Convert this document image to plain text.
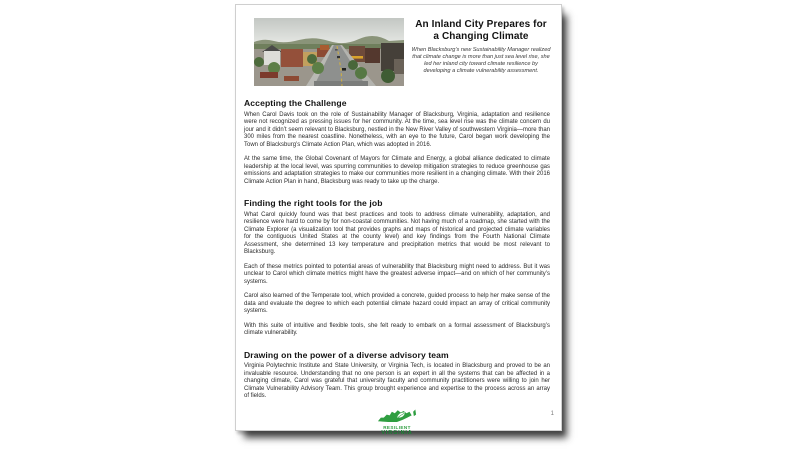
An Inland City Prepares for
a Changing Climate

When Blacksburg’s new Sustainability Manager realized that climate change is more than just sea level rise, she led her inland city toward climate resilience by developing a climate vulnerability assessment.

Accepting the Challenge

When Carol Davis took on the role of Sustainability Manager of Blacksburg, Virginia, adaptation and resilience were not recognized as pressing issues for her community. At the time, sea level rise was the climate concern du jour and it didn’t seem relevant to Blacksburg, nestled in the New River Valley of southwestern Virginia—more than 300 miles from the nearest coastline. Nonetheless, with an eye to the future, Carol began work developing the Town of Blacksburg’s Climate Action Plan, which was adopted in 2016.

At the same time, the Global Covenant of Mayors for Climate and Energy, a global alliance dedicated to climate leadership at the local level, was spurring communities to develop mitigation strategies to reduce greenhouse gas emissions and adaptation strategies to make our communities more resilient in a changing climate. With their 2016 Climate Action Plan in hand, Blacksburg was ready to take up the charge.

Finding the right tools for the job

What Carol quickly found was that best practices and tools to address climate vulnerability, adaptation, and resilience were hard to come by for non-coastal communities. Not having much of a roadmap, she started with the Climate Explorer (a visualization tool that provides graphs and maps of historical and projected climate variables for the contiguous United States at the county level) and key findings from the Fourth National Climate Assessment, she determined 13 key temperature and precipitation metrics that would be most relevant to Blacksburg.

Each of these metrics pointed to potential areas of vulnerability that Blacksburg might need to address. But it was unclear to Carol which climate metrics might have the greatest adverse impact—and on which of her community’s systems.

Carol also learned of the Temperate tool, which provided a concrete, guided process to help her make sense of the data and evaluate the degree to which each potential climate hazard could impact an array of critical community systems.

With this suite of intuitive and flexible tools, she felt ready to embark on a formal assessment of Blacksburg’s climate vulnerability.

Drawing on the power of a diverse advisory team

Virginia Polytechnic Institute and State University, or Virginia Tech, is located in Blacksburg and proved to be an invaluable resource. Understanding that no one person is an expert in all the systems that can be affected in a changing climate, Carol was grateful that university faculty and community practitioners were willing to join her Climate Vulnerability Advisory Team. This group brought experience and expertise to the process across an array of fields.

RESILIENT
VIRGINIA
1
